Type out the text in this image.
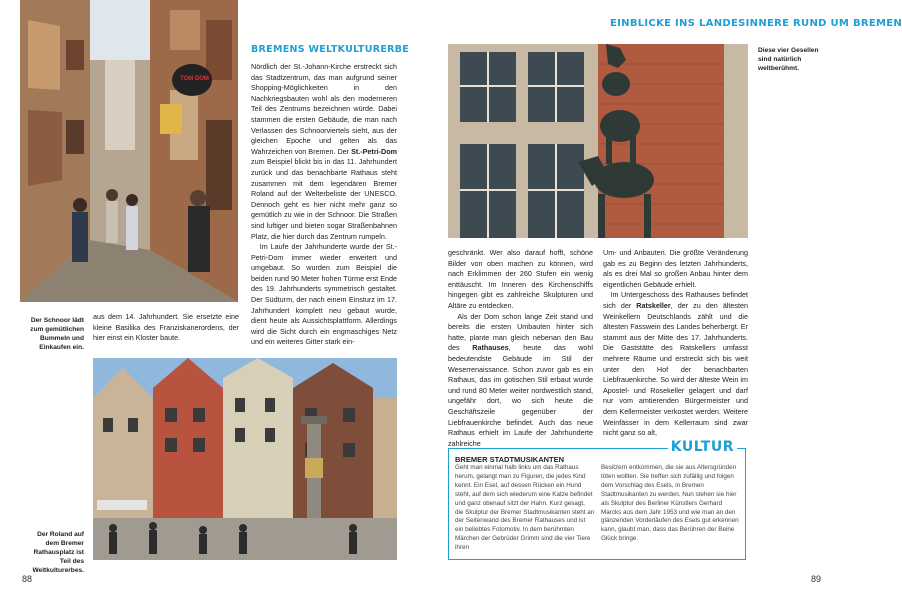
TOM DOM
BREMENS WELTKULTURERBE
Nördlich der St.-Johann-Kirche erstreckt sich das Stadtzentrum, das man aufgrund seiner Shopping-Möglichkeiten in den Nachkriegsbauten wohl als den moderneren Teil des Zentrums bezeichnen würde. Dabei stammen die ersten Gebäude, die man nach Verlassen des Schnoorviertels sieht, aus der gleichen Epoche und gelten als das Wahrzeichen von Bremen. Der St.-Petri-Dom zum Beispiel blickt bis in das 11. Jahrhundert zurück und das benachbarte Rathaus steht zusammen mit dem legendären Bremer Roland auf der Welterbeliste der UNESCO. Dennoch geht es hier nicht mehr ganz so gemütlich zu wie in der Schnoor. Die Straßen sind luftiger und bieten sogar Straßenbahnen Platz, die hier durch das Zentrum rumpeln.
Im Laufe der Jahrhunderte wurde der St.-Petri-Dom immer wieder erweitert und umgebaut. So wurden zum Beispiel die beiden rund 90 Meter hohen Türme erst Ende des 19. Jahrhunderts symmetrisch gestaltet. Der Südturm, der nach einem Einsturz im 17. Jahrhundert komplett neu gebaut wurde, dient heute als Aussichtsplattform. Allerdings wird die Sicht durch ein engmaschiges Netz und ein weiteres Gitter stark ein-
aus dem 14. Jahrhundert. Sie ersetzte eine kleine Basilika des Franziskanerordens, der hier einst ein Kloster baute.
Der Schnoor lädt zum gemütlichen Bummeln und Einkaufen ein.
Der Roland auf dem Bremer Rathausplatz ist Teil des Weltkulturerbes.
88
EINBLICKE INS LANDESINNERE RUND UM BREMEN
Diese vier Gesellen sind natürlich weltberühmt.
geschränkt. Wer also darauf hofft, schöne Bilder von oben machen zu können, wird nach Erklimmen der 260 Stufen ein wenig enttäuscht. Im Inneren des Kirchenschiffs hingegen gibt es zahlreiche Skulpturen und Altäre zu entdecken.
Als der Dom schon lange Zeit stand und bereits die ersten Umbauten hinter sich hatte, plante man gleich nebenan den Bau des Rathauses, heute das wohl bedeutendste Gebäude im Stil der Weserrenaissance. Schon zuvor gab es ein Rathaus, das im gotischen Stil erbaut wurde und rund 80 Meter weiter nordwestlich stand, ungefähr dort, wo sich heute die Geschäftszeile gegenüber der Liebfrauenkirche befindet. Auch das neue Rathaus erhielt im Laufe der Jahrhunderte zahlreiche
Um- und Anbauten. Die größte Veränderung gab es zu Beginn des letzten Jahrhunderts, als es drei Mal so großen Anbau hinter dem eigentlichen Gebäude erhielt.
Im Untergeschoss des Rathauses befindet sich der Ratskeller, der zu den ältesten Weinkellern Deutschlands zählt und die ältesten Fasswein des Landes beherbergt. Er stammt aus der Mitte des 17. Jahrhunderts. Die Gaststätte des Ratskellers umfasst mehrere Räume und erstreckt sich bis weit unter den Hof der benachbarten Liebfrauenkirche. So wird der älteste Wein im Apostel- und Rosekeller gelagert und darf nur vom amtierenden Bürgermeister und dem Kellermeister verkostet werden. Weitere Weinfässer in dem Kellerraum sind zwar nicht ganz so alt,
KULTUR
BREMER STADTMUSIKANTEN
Geht man einmal halb links um das Rathaus herum, gelangt man zu Figuren, die jedes Kind kennt. Ein Esel, auf dessen Rücken ein Hund steht, auf dem sich wiederum eine Katze befindet und ganz obenauf sitzt der Hahn. Kurz gesagt, die Skulptur der Bremer Stadtmusikanten steht an der Seitenwand des Bremer Rathauses und ist ein beliebtes Fotomotiv. In dem berühmten Märchen der Gebrüder Grimm sind die vier Tiere ihren
Besitzern entkommen, die sie aus Altersgründen töten wollten. Sie treffen sich zufällig und folgen dem Vorschlag des Esels, in Bremen Stadtmusikanten zu werden. Nun stehen sie hier als Skulptur des Berliner Künstlers Gerhard Marcks aus dem Jahr 1953 und wie man an den glänzenden Vorderläufen des Esels gut erkennen kann, glaubt man, dass das Berühren der Beine Glück bringe.
89
